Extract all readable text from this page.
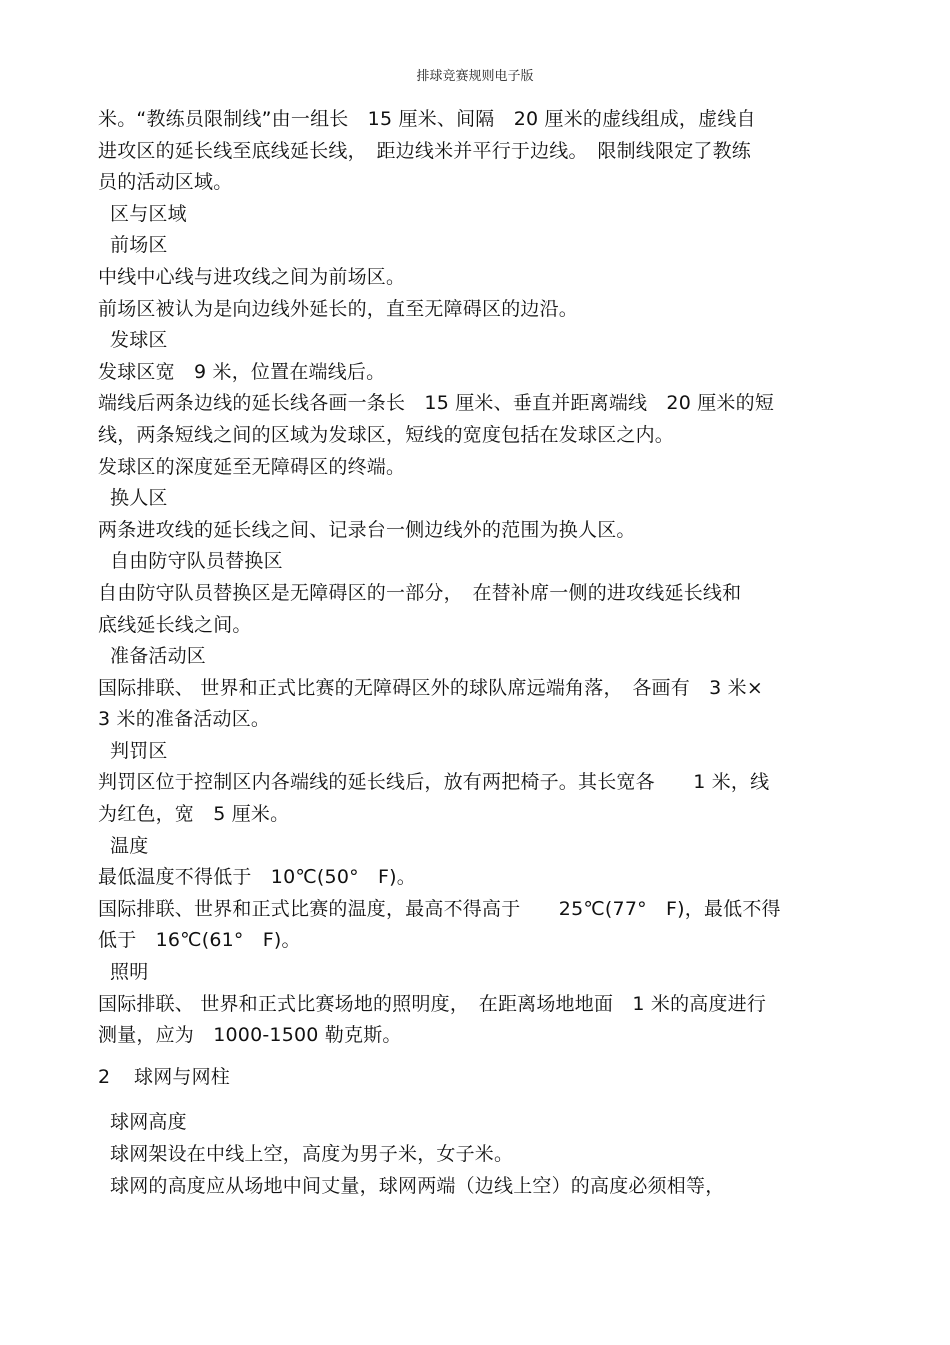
排球竞赛规则电子版
米。“教练员限制线”由一组长　15 厘米、间隔　20 厘米的虚线组成，虚线自
进攻区的延长线至底线延长线，　距边线米并平行于边线。　限制线限定了教练
员的活动区域。
区与区域
前场区
中线中心线与进攻线之间为前场区。
前场区被认为是向边线外延长的，直至无障碍区的边沿。
发球区
发球区宽　9 米，位置在端线后。
端线后两条边线的延长线各画一条长　15 厘米、垂直并距离端线　20 厘米的短
线，两条短线之间的区域为发球区，短线的宽度包括在发球区之内。
发球区的深度延至无障碍区的终端。
换人区
两条进攻线的延长线之间、记录台一侧边线外的范围为换人区。
自由防守队员替换区
自由防守队员替换区是无障碍区的一部分，　在替补席一侧的进攻线延长线和
底线延长线之间。
准备活动区
国际排联、 世界和正式比赛的无障碍区外的球队席远端角落，　各画有　3 米×
3 米的准备活动区。
判罚区
判罚区位于控制区内各端线的延长线后，放有两把椅子。其长宽各　　1 米，线
为红色，宽　5 厘米。
温度
最低温度不得低于　10℃(50°　F)。
国际排联、世界和正式比赛的温度，最高不得高于　　25℃(77°　F)，最低不得
低于　16℃(61°　F)。
照明
国际排联、 世界和正式比赛场地的照明度，　在距离场地地面　1 米的高度进行
测量，应为　1000-1500 勒克斯。
2 球网与网柱
球网高度
球网架设在中线上空，高度为男子米，女子米。
球网的高度应从场地中间丈量，球网两端（边线上空）的高度必须相等，
